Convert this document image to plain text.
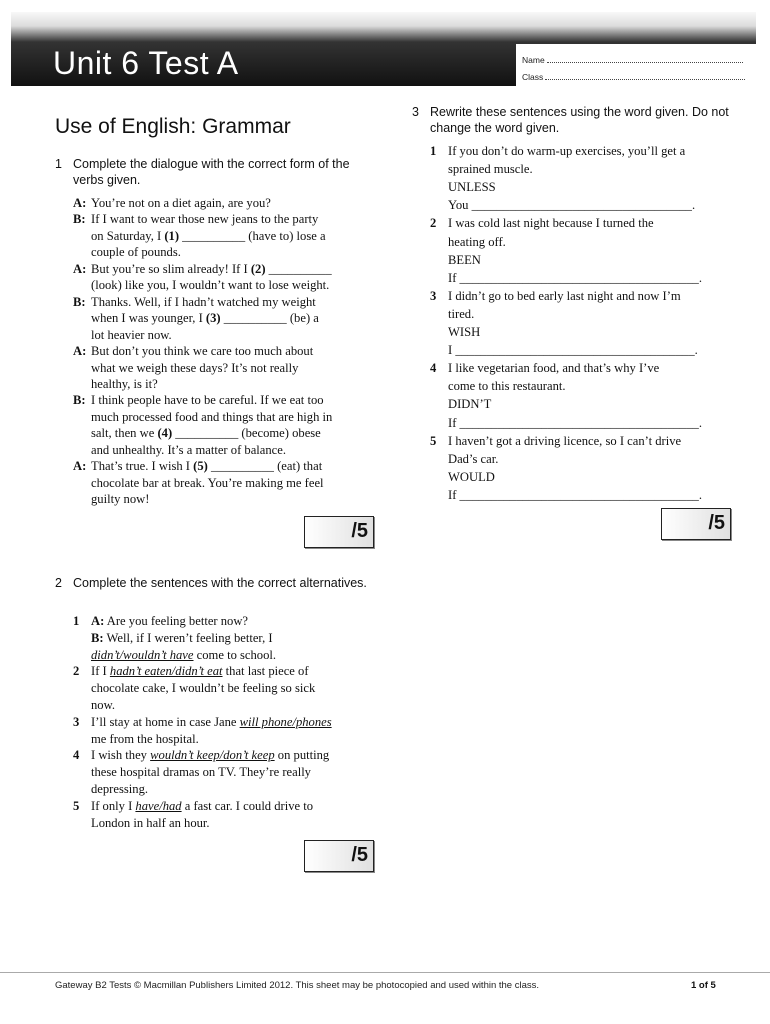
Unit 6 Test A	Name
Class
Use of English: Grammar
1 Complete the dialogue with the correct form of the verbs given.
A: You’re not on a diet again, are you?
B: If I want to wear those new jeans to the party
on Saturday, I (1) __________ (have to) lose a
couple of pounds.
A: But you’re so slim already! If I (2) __________
(look) like you, I wouldn’t want to lose weight.
B: Thanks. Well, if I hadn’t watched my weight
when I was younger, I (3) __________ (be) a
lot heavier now.
A: But don’t you think we care too much about
what we weigh these days? It’s not really
healthy, is it?
B: I think people have to be careful. If we eat too
much processed food and things that are high in
salt, then we (4) __________ (become) obese
and unhealthy. It’s a matter of balance.
A: That’s true. I wish I (5) __________ (eat) that
chocolate bar at break. You’re making me feel
guilty now!
/5
2 Complete the sentences with the correct alternatives.
1 A: Are you feeling better now?
B: Well, if I weren’t feeling better, I
didn’t/wouldn’t have come to school.
2 If I hadn’t eaten/didn’t eat that last piece of
chocolate cake, I wouldn’t be feeling so sick
now.
3 I’ll stay at home in case Jane will phone/phones
me from the hospital.
4 I wish they wouldn’t keep/don’t keep on putting
these hospital dramas on TV. They’re really
depressing.
5 If only I have/had a fast car. I could drive to
London in half an hour.
/5
3 Rewrite these sentences using the word given. Do not change the word given.
1 If you don’t do warm-up exercises, you’ll get a
sprained muscle.
UNLESS
You ___________________________________.
2 I was cold last night because I turned the
heating off.
BEEN
If ______________________________________.
3 I didn’t go to bed early last night and now I’m
tired.
WISH
I ______________________________________.
4 I like vegetarian food, and that’s why I’ve
come to this restaurant.
DIDN’T
If ______________________________________.
5 I haven’t got a driving licence, so I can’t drive
Dad’s car.
WOULD
If ______________________________________.
/5
Gateway B2 Tests © Macmillan Publishers Limited 2012. This sheet may be photocopied and used within the class.	1 of 5
